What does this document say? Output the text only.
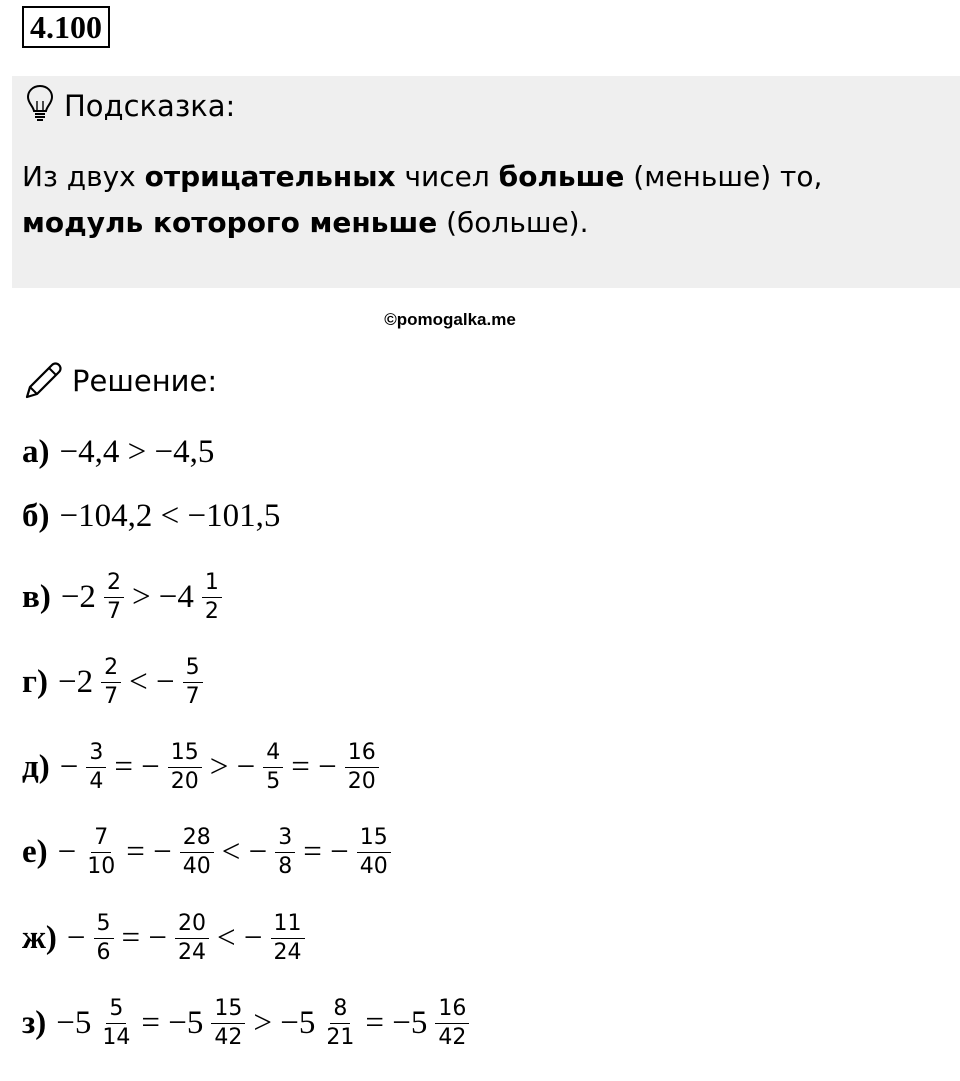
4.100
Подсказка:
Из двух отрицательных чисел больше (меньше) то, модуль которого меньше (больше).
©pomogalka.me
Решение:
а) −4,4 > −4,5
б) −104,2 < −101,5
$в) -2 \frac{2}{7} > -4 \frac{1}{2}$
$г) -2 \frac{2}{7}$ < − $\frac{5}{7}$
$д) - \frac{3}{4}$ = − $\frac{15}{20}$ > − $\frac{4}{5}$ = − $\frac{16}{20}$
$е) - \frac{7}{10}$ = − $\frac{28}{40}$ < − $\frac{3}{8}$ = − $\frac{15}{40}$
$ж) - \frac{5}{6}$ = − $\frac{20}{24}$ < − $\frac{11}{24}$
$з) -5 \frac{5}{14} = -5 \frac{15}{42} > -5 \frac{8}{21} = -5 \frac{16}{42}$
